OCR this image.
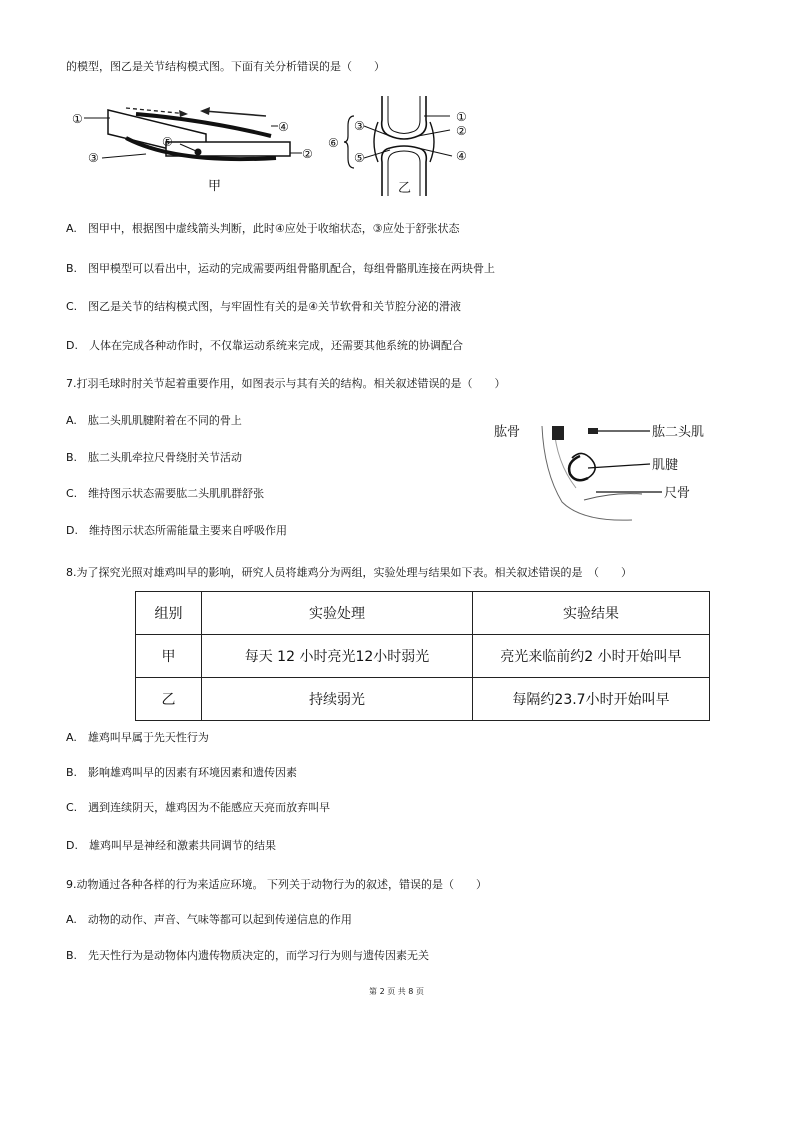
的模型，图乙是关节结构模式图。下面有关分析错误的是（　　）
①
②
③
④
⑤
甲
①
②
③
④
⑤
⑥
乙
A.　图甲中，根据图中虚线箭头判断，此时④应处于收缩状态，③应处于舒张状态
B.　图甲模型可以看出中，运动的完成需要两组骨骼肌配合，每组骨骼肌连接在两块骨上
C.　图乙是关节的结构模式图，与牢固性有关的是④关节软骨和关节腔分泌的滑液
D.　人体在完成各种动作时，不仅靠运动系统来完成，还需要其他系统的协调配合
7.打羽毛球时肘关节起着重要作用，如图表示与其有关的结构。相关叙述错误的是（　　）
A.　肱二头肌肌腱附着在不同的骨上
B.　肱二头肌牵拉尺骨绕肘关节活动
C.　维持图示状态需要肱二头肌肌群舒张
D.　维持图示状态所需能量主要来自呼吸作用
肱骨	肱二头肌
肌腱
尺骨
8.为了探究光照对雄鸡叫早的影响，研究人员将雄鸡分为两组，实验处理与结果如下表。相关叙述错误的是　（　　）
组别	实验处理	实验结果
甲	每天 12 小时亮光12小时弱光	亮光来临前约2 小时开始叫早
乙	持续弱光	每隔约23.7小时开始叫早
A.　雄鸡叫早属于先天性行为
B.　影响雄鸡叫早的因素有环境因素和遗传因素
C.　遇到连续阴天，雄鸡因为不能感应天亮而放弃叫早
D.　雄鸡叫早是神经和激素共同调节的结果
9.动物通过各种各样的行为来适应环境。 下列关于动物行为的叙述，错误的是（　　）
A.　动物的动作、声音、气味等都可以起到传递信息的作用
B.　先天性行为是动物体内遗传物质决定的，而学习行为则与遗传因素无关
第 2 页 共 8 页
